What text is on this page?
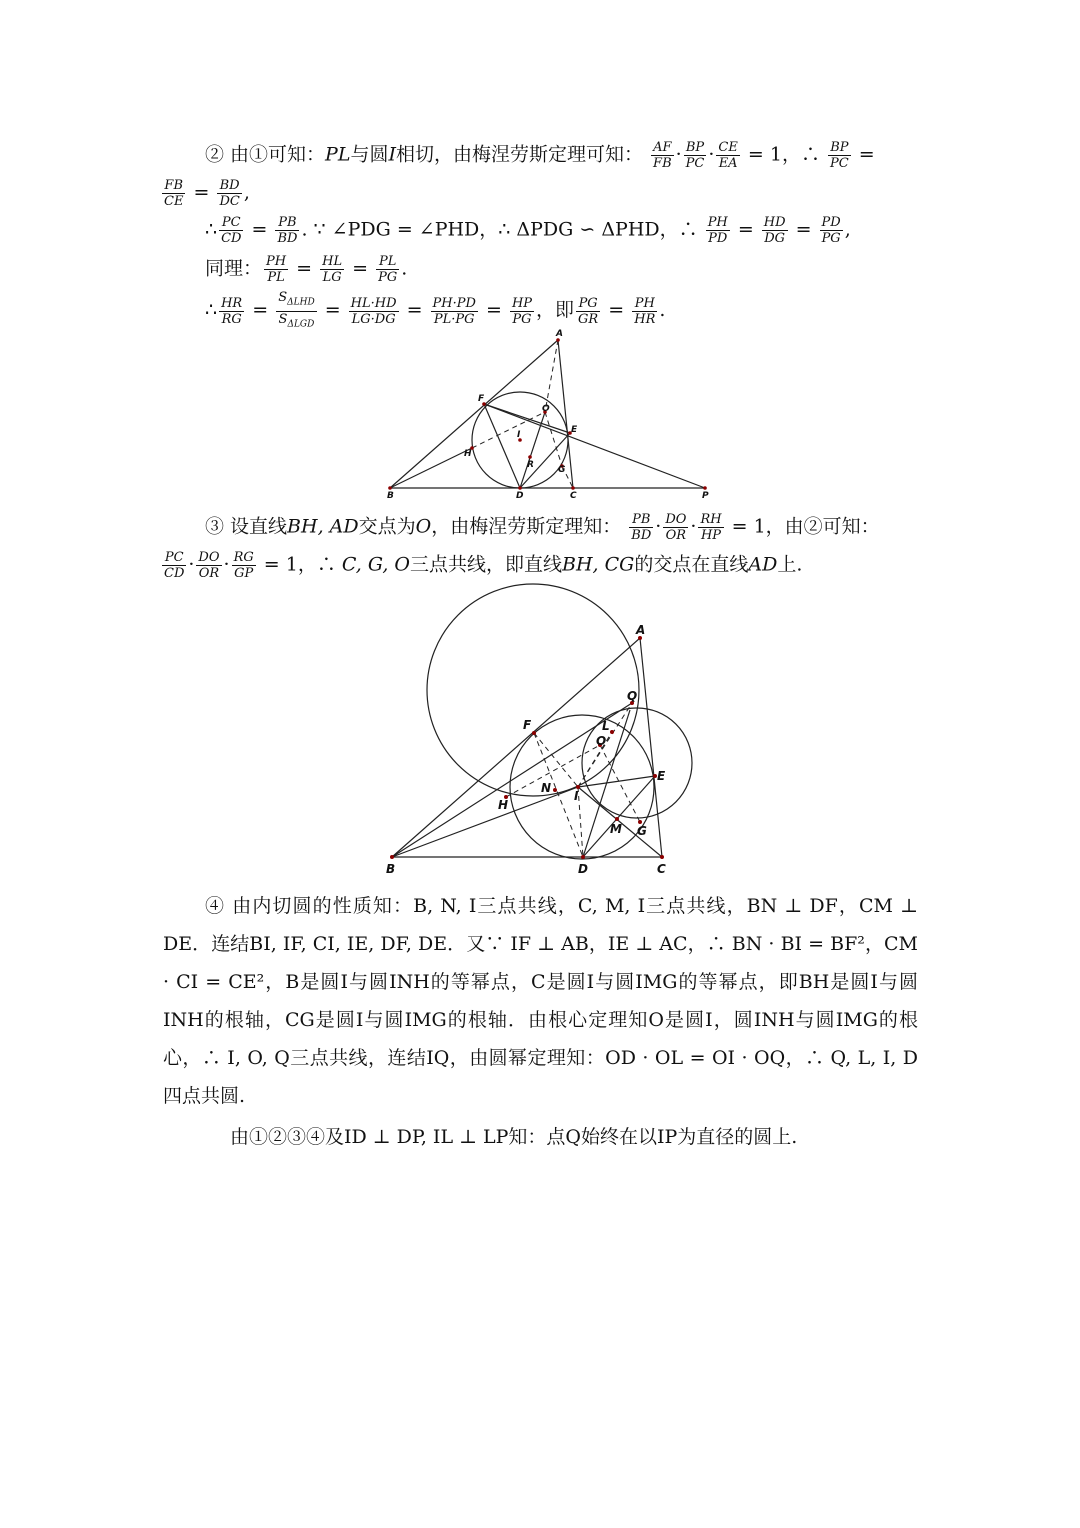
② 由①可知：PL与圆I相切，由梅涅劳斯定理可知： $\frac{AF}{FB} \cdot \frac{BP}{PC} \cdot \frac{CE}{EA} = 1$，∴ $\frac{BP}{PC}$ =
$\frac{FB}{CE} = \frac{BD}{DC}$ ,
∴ $\frac{PC}{CD} = \frac{PB}{BD}$ . ∵ ∠PDG = ∠PHD，∴ ΔPDG ∽ ΔPHD，∴ $\frac{PH}{PD} = \frac{HD}{DG} = \frac{PD}{PG}$ ,
同理： $\frac{PH}{PL} = \frac{HL}{LG} = \frac{PL}{PG}$ .
∴ $\frac{HR}{RG} = \frac{S_{\Delta LHD}}{S_{\Delta LGD}} = \frac{HL\cdot HD}{LG\cdot DG} = \frac{PH\cdot PD}{PL\cdot PG} = \frac{HP}{PG}$ ，即 $\frac{PG}{GR} = \frac{PH}{HR}$ .
A
F
O
I	E
H
R	G
B	D	C	P
③ 设直线BH, AD交点为O，由梅涅劳斯定理知： $\frac{PB}{BD} \cdot \frac{DO}{OR} \cdot \frac{RH}{HP} = 1$，由②可知：
$\frac{PC}{CD} \cdot \frac{DO}{OR} \cdot \frac{RG}{GP} = 1$，∴ C, G, O三点共线，即直线BH, CG的交点在直线AD上.
A
Q
F	L
O
E
N
I
H
M G
B	D	C
④ 由内切圆的性质知：B, N, I三点共线，C, M, I三点共线，BN ⊥ DF，CM ⊥ DE．连结BI, IF, CI, IE, DF, DE．又∵ IF ⊥ AB，IE ⊥ AC，∴ BN · BI = BF²，CM · CI = CE²，B是圆I与圆INH的等幂点，C是圆I与圆IMG的等幂点，即BH是圆I与圆INH的根轴，CG是圆I与圆IMG的根轴．由根心定理知O是圆I，圆INH与圆IMG的根心，∴ I, O, Q三点共线，连结IQ，由圆幂定理知：OD · OL = OI · OQ，∴ Q, L, I, D四点共圆.
由①②③④及ID ⊥ DP, IL ⊥ LP知：点Q始终在以IP为直径的圆上.
